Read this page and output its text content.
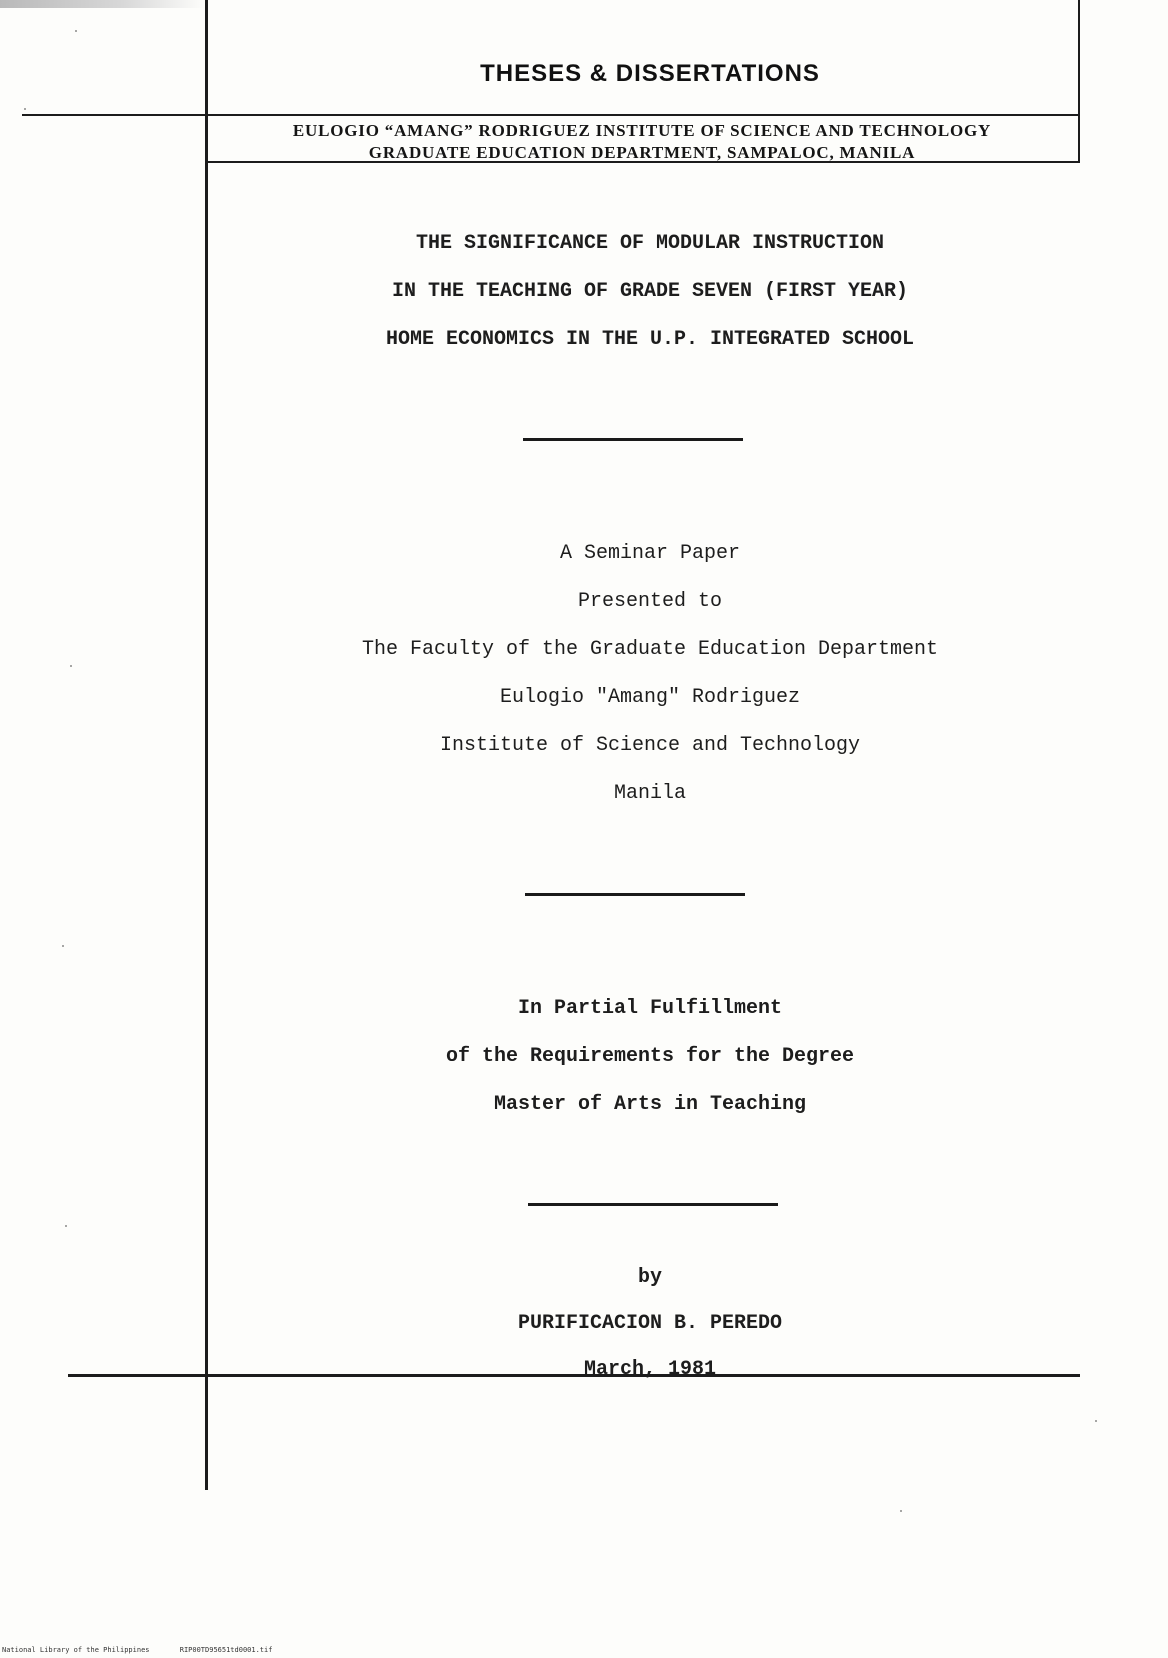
THESES & DISSERTATIONS
EULOGIO “AMANG” RODRIGUEZ INSTITUTE OF SCIENCE AND TECHNOLOGY
GRADUATE EDUCATION DEPARTMENT, SAMPALOC, MANILA
THE SIGNIFICANCE OF MODULAR INSTRUCTION
IN THE TEACHING OF GRADE SEVEN (FIRST YEAR)
HOME ECONOMICS IN THE U.P. INTEGRATED SCHOOL
A Seminar Paper
Presented to
The Faculty of the Graduate Education Department
Eulogio "Amang" Rodriguez
Institute of Science and Technology
Manila
In Partial Fulfillment
of the Requirements for the Degree
Master of Arts in Teaching
by
PURIFICACION B. PEREDO
March, 1981
National Library of the Philippines	RIP00TD95651td0001.tif
